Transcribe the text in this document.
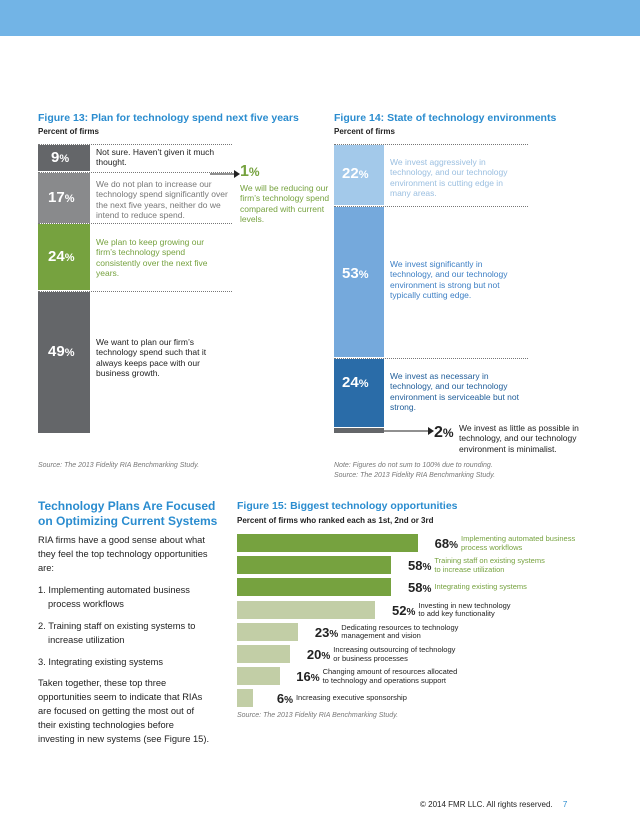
Figure 13: Plan for technology spend next five years
Percent of firms
9%
Not sure. Haven’t given it much thought.
17%
We do not plan to increase our technology spend significantly over the next five years, neither do we intend to reduce spend.
24%
We plan to keep growing our firm’s technology spend consistently over the next five years.
49%
We want to plan our firm’s technology spend such that it always keeps pace with our business growth.
1%
We will be reducing our firm’s technology spend compared with current levels.
Source: The 2013 Fidelity RIA Benchmarking Study.
Figure 14: State of technology environments
Percent of firms
22%
We invest aggressively in technology, and our technology environment is cutting edge in many areas.
53%
We invest significantly in technology, and our technology environment is strong but not typically cutting edge.
24%
We invest as necessary in technology, and our technology environment is serviceable but not strong.
2% We invest as little as possible in technology, and our technology environment is minimalist.
Note: Figures do not sum to 100% due to rounding.
Source: The 2013 Fidelity RIA Benchmarking Study.
Technology Plans Are Focused
on Optimizing Current Systems
RIA firms have a good sense about what they feel the top technology opportunities are:
1. Implementing automated business
process workflows
2. Training staff on existing systems to
increase utilization
3. Integrating existing systems
Taken together, these top three opportunities seem to indicate that RIAs are focused on getting the most out of their existing technologies before investing in new systems (see Figure 15).
Figure 15: Biggest technology opportunities
Percent of firms who ranked each as 1st, 2nd or 3rd
68%
Implementing automated business
process workflows
58%
Training staff on existing systems
to increase utilization
58% Integrating existing systems
52%
Investing in new technology
to add key functionality
23%
Dedicating resources to technology
management and vision
20%
Increasing outsourcing of technology
or business processes
16%
Changing amount of resources allocated
to technology and operations support
6% Increasing executive sponsorship
Source: The 2013 Fidelity RIA Benchmarking Study.
© 2014 FMR LLC. All rights reserved. 7
